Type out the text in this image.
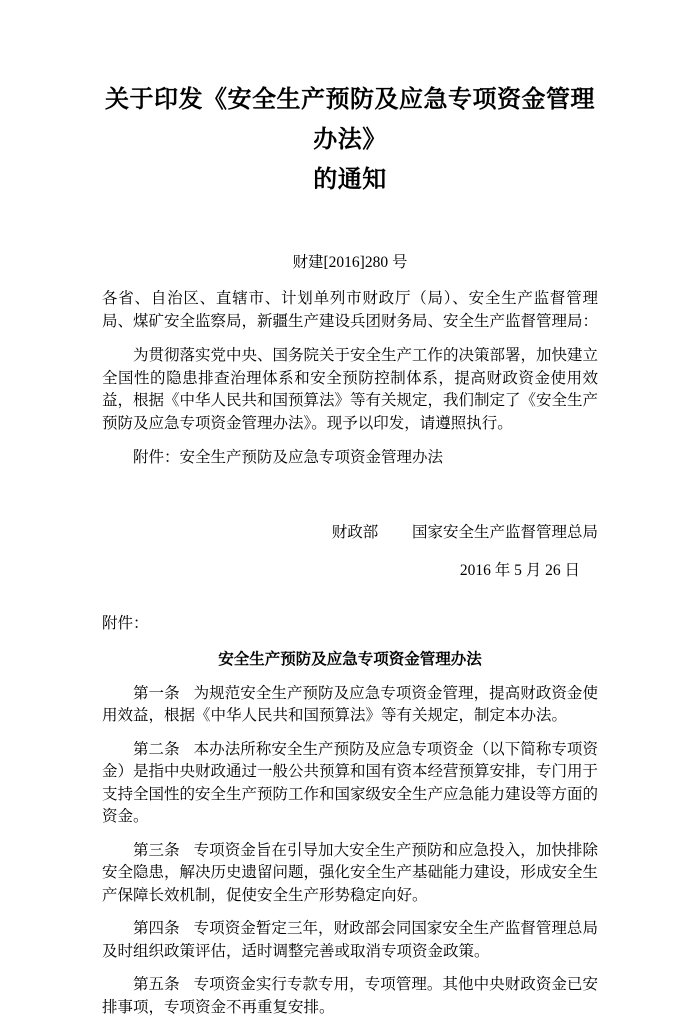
关于印发《安全生产预防及应急专项资金管理办法》
的通知

财建[2016]280 号

各省、自治区、直辖市、计划单列市财政厅（局）、安全生产监督管理局、煤矿安全监察局，新疆生产建设兵团财务局、安全生产监督管理局：

为贯彻落实党中央、国务院关于安全生产工作的决策部署，加快建立全国性的隐患排查治理体系和安全预防控制体系，提高财政资金使用效益，根据《中华人民共和国预算法》等有关规定，我们制定了《安全生产预防及应急专项资金管理办法》。现予以印发，请遵照执行。

附件：安全生产预防及应急专项资金管理办法

财政部 国家安全生产监督管理总局

2016 年 5 月 26 日

附件：

安全生产预防及应急专项资金管理办法

第一条 为规范安全生产预防及应急专项资金管理，提高财政资金使用效益，根据《中华人民共和国预算法》等有关规定，制定本办法。

第二条 本办法所称安全生产预防及应急专项资金（以下简称专项资金）是指中央财政通过一般公共预算和国有资本经营预算安排，专门用于支持全国性的安全生产预防工作和国家级安全生产应急能力建设等方面的资金。

第三条 专项资金旨在引导加大安全生产预防和应急投入，加快排除安全隐患，解决历史遗留问题，强化安全生产基础能力建设，形成安全生产保障长效机制，促使安全生产形势稳定向好。

第四条 专项资金暂定三年，财政部会同国家安全生产监督管理总局及时组织政策评估，适时调整完善或取消专项资金政策。

第五条 专项资金实行专款专用，专项管理。其他中央财政资金已安排事项，专项资金不再重复安排。
